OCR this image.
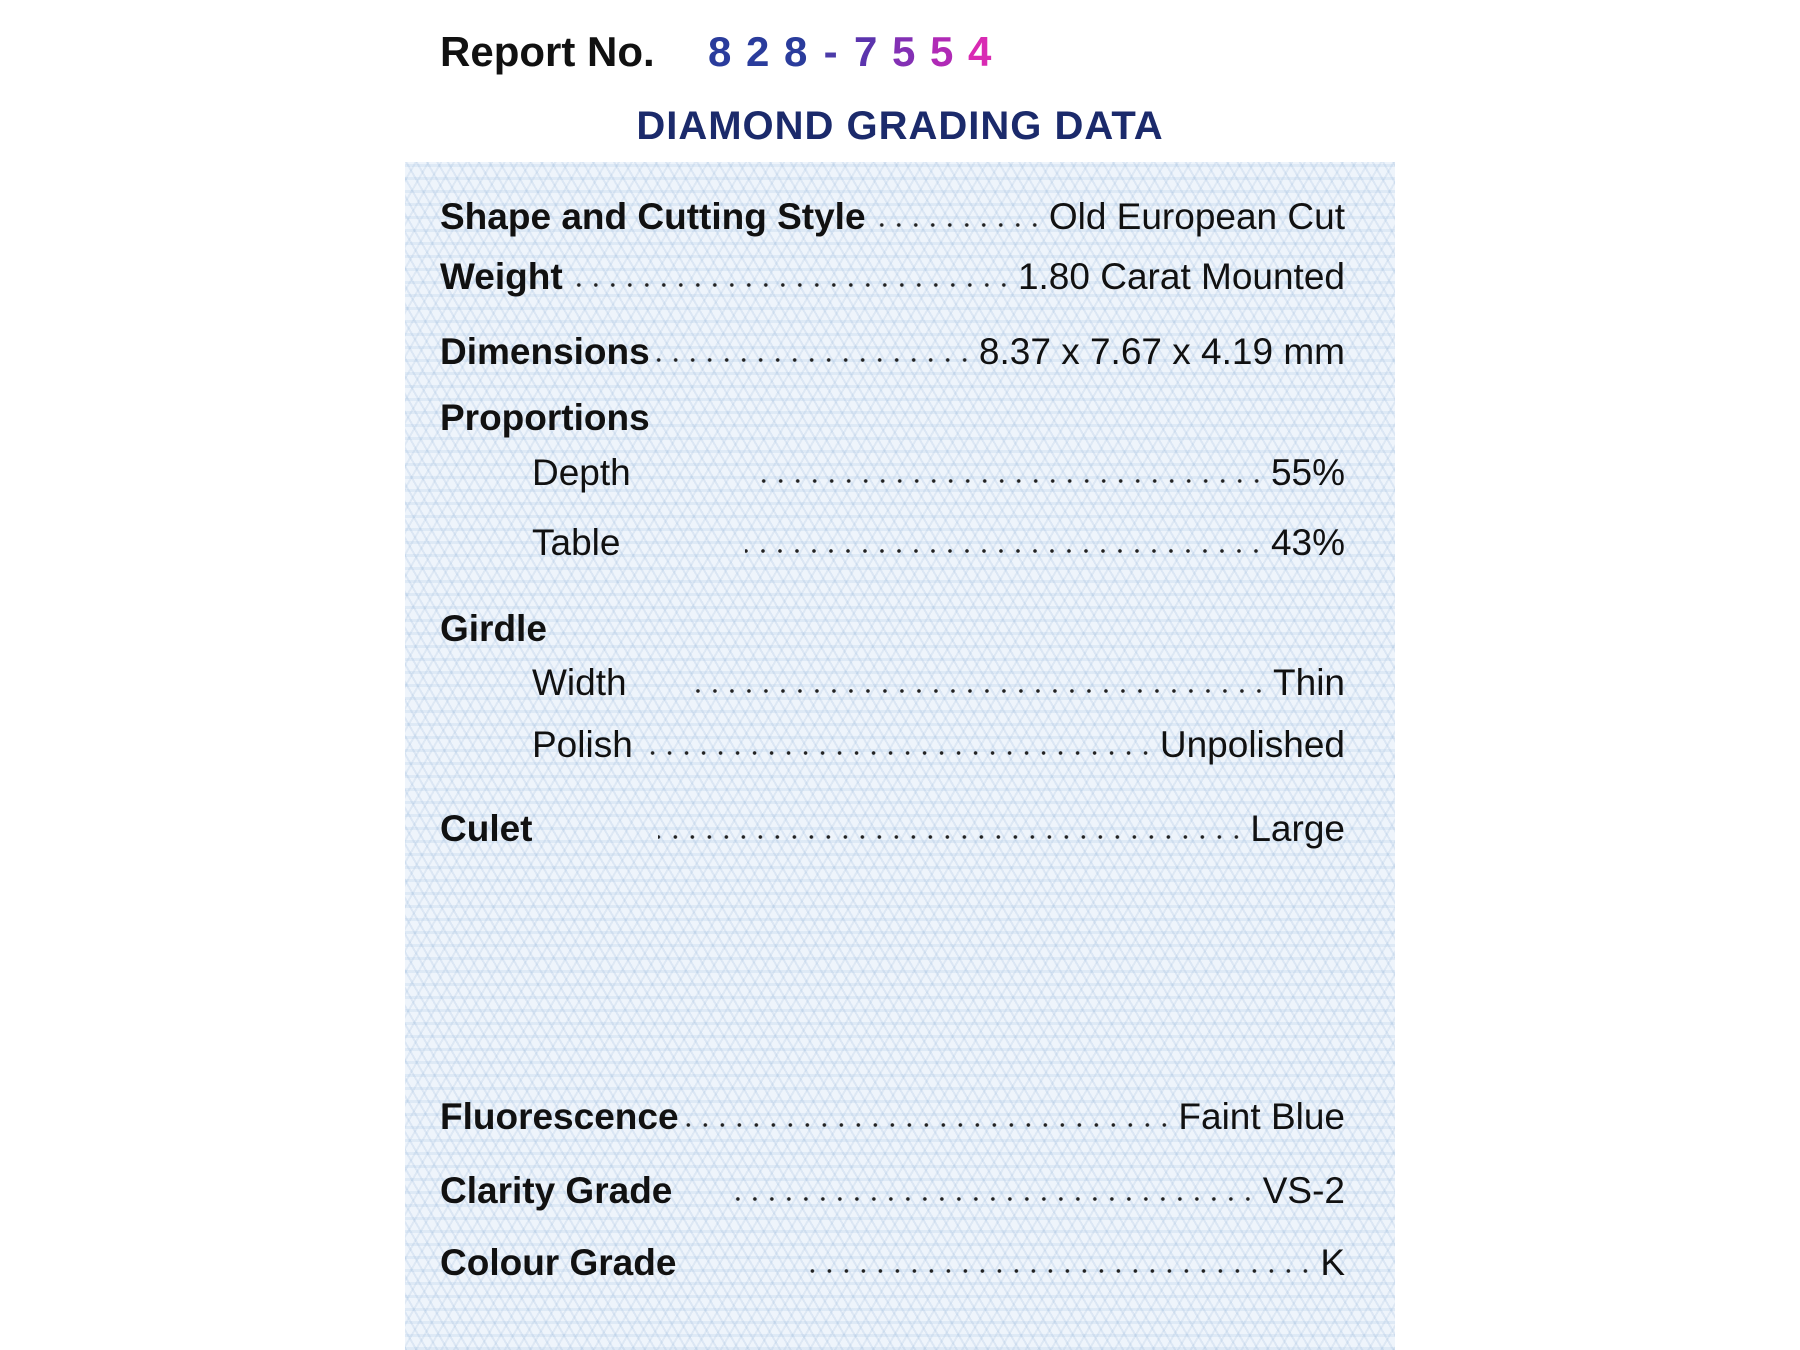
Report No. 8 2 8 - 7 5 5 4
DIAMOND GRADING DATA
Shape and Cutting Style	Old European Cut
Weight	1.80 Carat Mounted
Dimensions	8.37 x 7.67 x 4.19 mm
Proportions
Depth	55%
Table	43%
Girdle
Width	Thin
Polish	Unpolished
Culet	Large
Fluorescence	Faint Blue
Clarity Grade	VS-2
Colour Grade	K
